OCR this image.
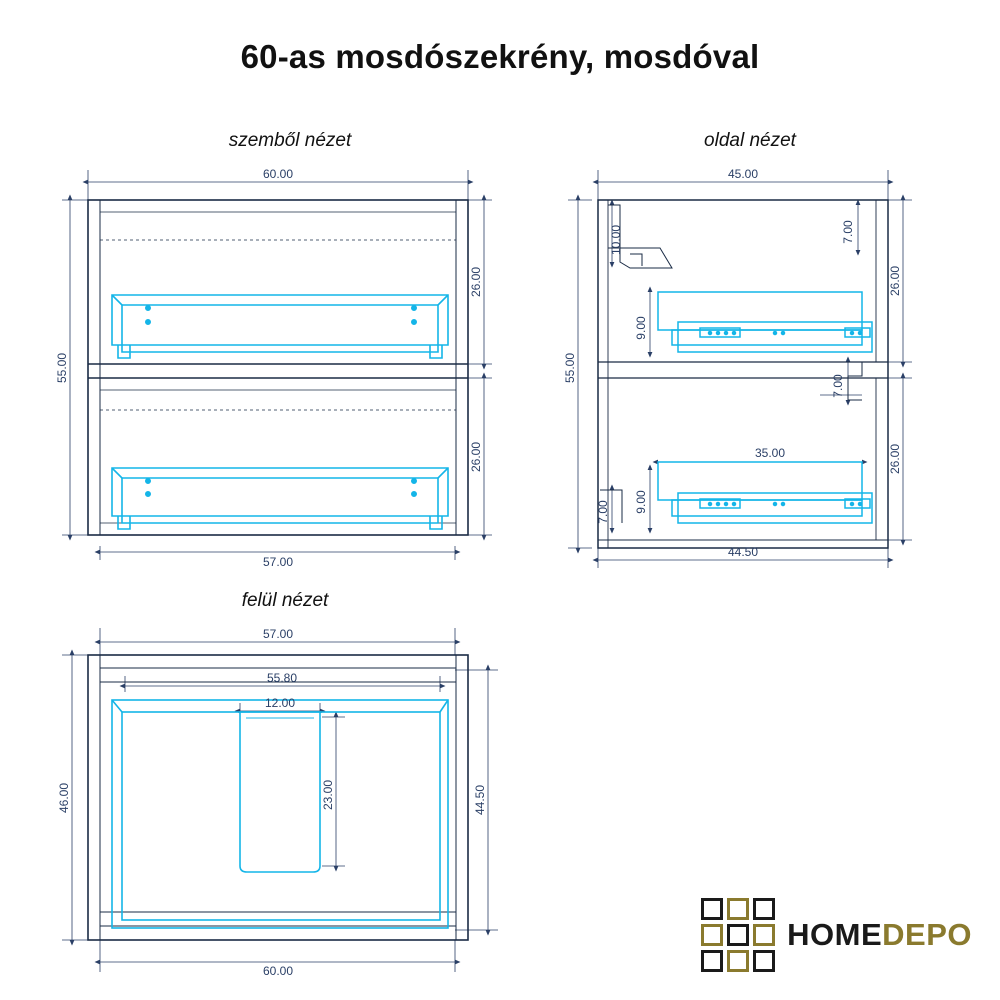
60-as mosdószekrény, mosdóval
szemből nézet	oldal nézet
felül nézet
60.00
57.00
55.00
26.00
26.00
45.00
44.50
55.00
26.00
26.00
10.00	7.00
9.00
7.00
7.00 9.00
35.00
57.00
55.80
12.00
23.00
46.00	44.50
60.00
HOMEDEPO
